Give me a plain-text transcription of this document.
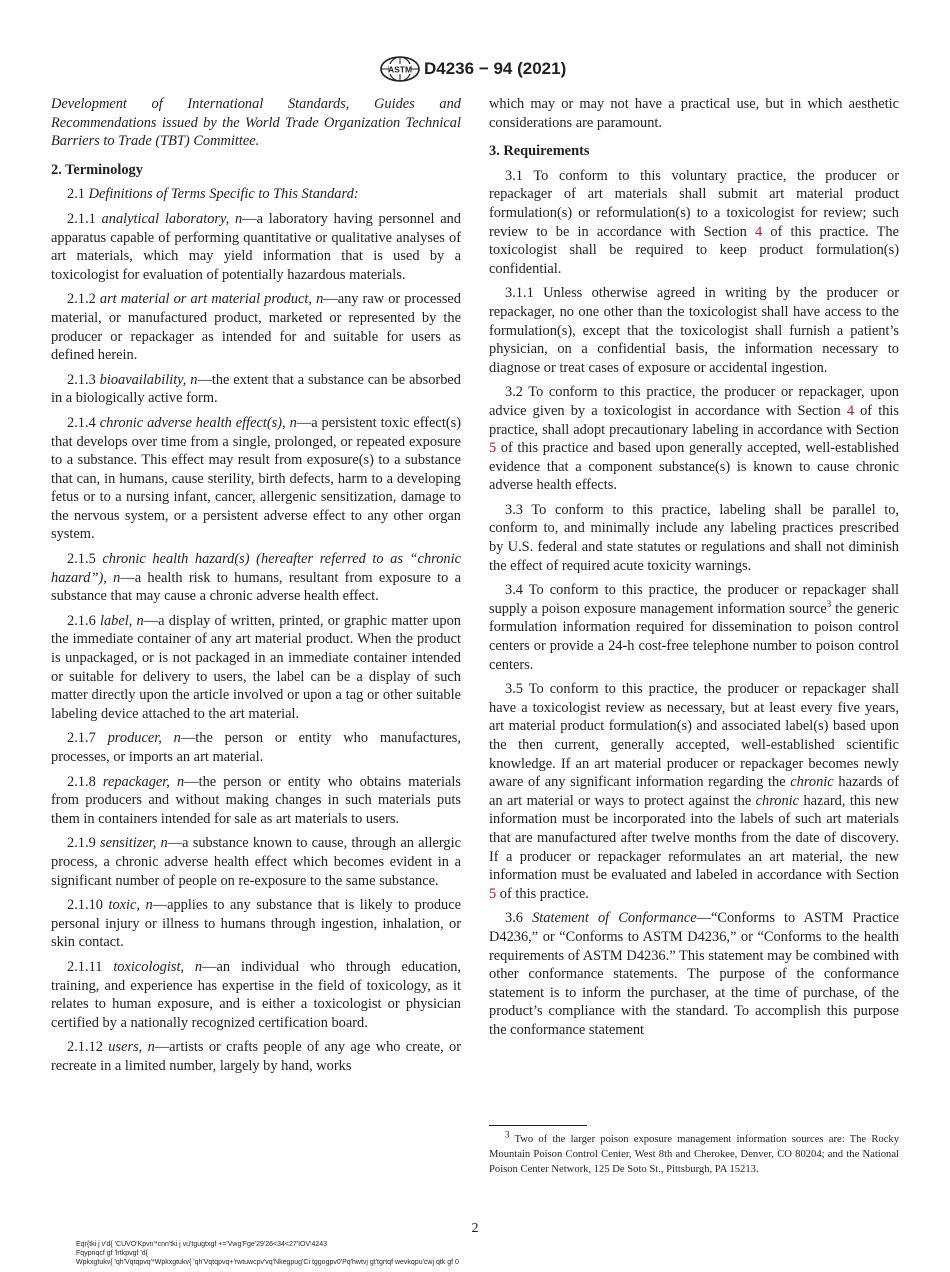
ASTM D4236 − 94 (2021)

Development of International Standards, Guides and Recommendations issued by the World Trade Organization Technical Barriers to Trade (TBT) Committee.

2. Terminology

2.1 Definitions of Terms Specific to This Standard:

2.1.1 analytical laboratory, n—a laboratory having personnel and apparatus capable of performing quantitative or qualitative analyses of art materials, which may yield information that is used by a toxicologist for evaluation of potentially hazardous materials.

2.1.2 art material or art material product, n—any raw or processed material, or manufactured product, marketed or represented by the producer or repackager as intended for and suitable for users as defined herein.

2.1.3 bioavailability, n—the extent that a substance can be absorbed in a biologically active form.

2.1.4 chronic adverse health effect(s), n—a persistent toxic effect(s) that develops over time from a single, prolonged, or repeated exposure to a substance. This effect may result from exposure(s) to a substance that can, in humans, cause sterility, birth defects, harm to a developing fetus or to a nursing infant, cancer, allergenic sensitization, damage to the nervous system, or a persistent adverse effect to any other organ system.

2.1.5 chronic health hazard(s) (hereafter referred to as “chronic hazard”), n—a health risk to humans, resultant from exposure to a substance that may cause a chronic adverse health effect.

2.1.6 label, n—a display of written, printed, or graphic matter upon the immediate container of any art material product. When the product is unpackaged, or is not packaged in an immediate container intended or suitable for delivery to users, the label can be a display of such matter directly upon the article involved or upon a tag or other suitable labeling device attached to the art material.

2.1.7 producer, n—the person or entity who manufactures, processes, or imports an art material.

2.1.8 repackager, n—the person or entity who obtains materials from producers and without making changes in such materials puts them in containers intended for sale as art materials to users.

2.1.9 sensitizer, n—a substance known to cause, through an allergic process, a chronic adverse health effect which becomes evident in a significant number of people on re-exposure to the same substance.

2.1.10 toxic, n—applies to any substance that is likely to produce personal injury or illness to humans through ingestion, inhalation, or skin contact.

2.1.11 toxicologist, n—an individual who through education, training, and experience has expertise in the field of toxicology, as it relates to human exposure, and is either a toxicologist or physician certified by a nationally recognized certification board.

2.1.12 users, n—artists or crafts people of any age who create, or recreate in a limited number, largely by hand, works

which may or may not have a practical use, but in which aesthetic considerations are paramount.

3. Requirements

3.1 To conform to this voluntary practice, the producer or repackager of art materials shall submit art material product formulation(s) or reformulation(s) to a toxicologist for review; such review to be in accordance with Section 4 of this practice. The toxicologist shall be required to keep product formulation(s) confidential.

3.1.1 Unless otherwise agreed in writing by the producer or repackager, no one other than the toxicologist shall have access to the formulation(s), except that the toxicologist shall furnish a patient’s physician, on a confidential basis, the information necessary to diagnose or treat cases of exposure or accidental ingestion.

3.2 To conform to this practice, the producer or repackager, upon advice given by a toxicologist in accordance with Section 4 of this practice, shall adopt precautionary labeling in accordance with Section 5 of this practice and based upon generally accepted, well-established evidence that a component substance(s) is known to cause chronic adverse health effects.

3.3 To conform to this practice, labeling shall be parallel to, conform to, and minimally include any labeling practices prescribed by U.S. federal and state statutes or regulations and shall not diminish the effect of required acute toxicity warnings.

3.4 To conform to this practice, the producer or repackager shall supply a poison exposure management information source$^3$ the generic formulation information required for dissemination to poison control centers or provide a 24-h cost-free telephone number to poison control centers.

3.5 To conform to this practice, the producer or repackager shall have a toxicologist review as necessary, but at least every five years, art material product formulation(s) and associated label(s) based upon the then current, generally accepted, well-established scientific knowledge. If an art material producer or repackager becomes newly aware of any significant information regarding the chronic hazards of an art material or ways to protect against the chronic hazard, this new information must be incorporated into the labels of such art materials that are manufactured after twelve months from the date of discovery. If a producer or repackager reformulates an art material, the new information must be evaluated and labeled in accordance with Section 5 of this practice.

3.6 Statement of Conformance—“Conforms to ASTM Practice D4236,” or “Conforms to ASTM D4236,” or “Conforms to the health requirements of ASTM D4236.” This statement may be combined with other conformance statements. The purpose of the conformance statement is to inform the purchaser, at the time of purchase, of the product’s compliance with the standard. To accomplish this purpose the conformance statement

$^3$ Two of the larger poison exposure management information sources are: The Rocky Mountain Poison Control Center, West 8th and Cherokee, Denver, CO 80204; and the National Poison Center Network, 125 De Soto St., Pittsburgh, PA 15213.
2
Eqr{tki j v'd{ 'CUVO'Kpvn'*cnn'tki j vu'tgugtxgf +='Vwg'Fge'29'26<34<27'IOV'4243
Fqypnqcf gf 'lrtkpvgf 'd{
Wpkxgtukv{ 'qh'Vqtqpvq'*Wpkxgtukv{ 'qh'Vqtqpvq+'rwtuwcpv'vq'Nkegpug'Ci tggogpv0'Pq'hwtvj gt'tgrtqf wevkqpu'cwj qtk gf 0
